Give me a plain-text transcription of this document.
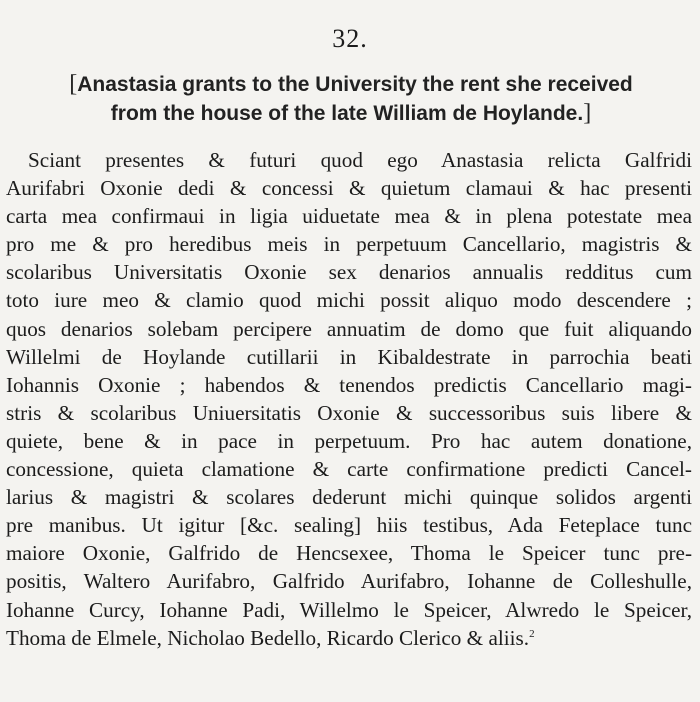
32.
[Anastasia grants to the University the rent she received
from the house of the late William de Hoylande.]
Sciant presentes & futuri quod ego Anastasia relicta Galfridi
Aurifabri Oxonie dedi & concessi & quietum clamaui & hac presenti
carta mea confirmaui in ligia uiduetate mea & in plena potestate mea
pro me & pro heredibus meis in perpetuum Cancellario, magistris &
scolaribus Universitatis Oxonie sex denarios annualis redditus cum
toto iure meo & clamio quod michi possit aliquo modo descendere ;
quos denarios solebam percipere annuatim de domo que fuit aliquando
Willelmi de Hoylande cutillarii in Kibaldestrate in parrochia beati
Iohannis Oxonie ; habendos & tenendos predictis Cancellario magi-
stris & scolaribus Uniuersitatis Oxonie & successoribus suis libere &
quiete, bene & in pace in perpetuum. Pro hac autem donatione,
concessione, quieta clamatione & carte confirmatione predicti Cancel-
larius & magistri & scolares dederunt michi quinque solidos argenti
pre manibus. Ut igitur [&c. sealing] hiis testibus, Ada Feteplace tunc
maiore Oxonie, Galfrido de Hencsexee, Thoma le Speicer tunc pre-
positis, Waltero Aurifabro, Galfrido Aurifabro, Iohanne de Colleshulle,
Iohanne Curcy, Iohanne Padi, Willelmo le Speicer, Alwredo le Speicer,
Thoma de Elmele, Nicholao Bedello, Ricardo Clerico & aliis.$^2$
